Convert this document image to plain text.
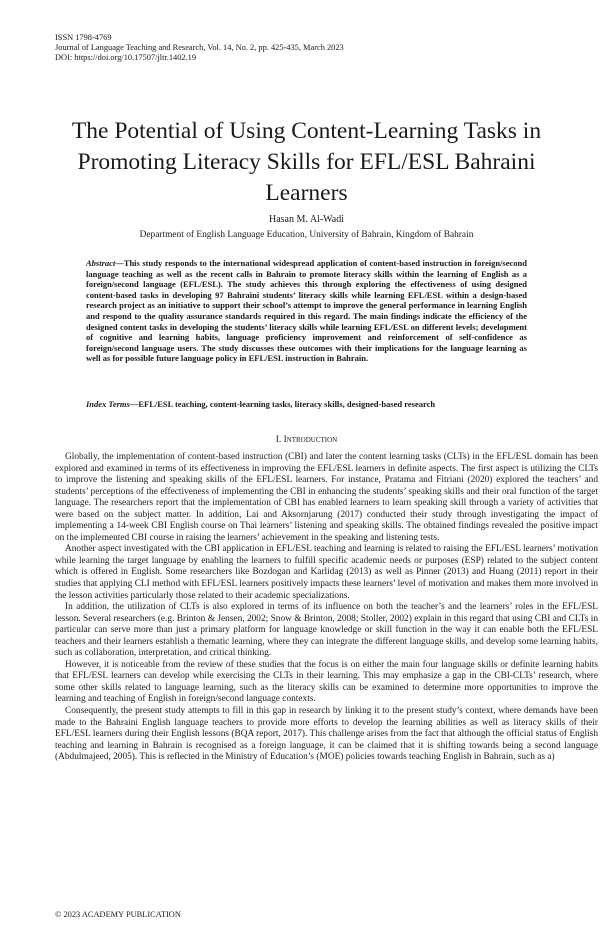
ISSN 1798-4769
Journal of Language Teaching and Research, Vol. 14, No. 2, pp. 425-435, March 2023
DOI: https://doi.org/10.17507/jltr.1402.19
The Potential of Using Content-Learning Tasks in Promoting Literacy Skills for EFL/ESL Bahraini Learners
Hasan M. Al-Wadi
Department of English Language Education, University of Bahrain, Kingdom of Bahrain
Abstract—This study responds to the international widespread application of content-based instruction in foreign/second language teaching as well as the recent calls in Bahrain to promote literacy skills within the learning of English as a foreign/second language (EFL/ESL). The study achieves this through exploring the effectiveness of using designed content-based tasks in developing 97 Bahraini students’ literacy skills while learning EFL/ESL within a design-based research project as an initiative to support their school’s attempt to improve the general performance in learning English and respond to the quality assurance standards required in this regard. The main findings indicate the efficiency of the designed content tasks in developing the students’ literacy skills while learning EFL/ESL on different levels; development of cognitive and learning habits, language proficiency improvement and reinforcement of self-confidence as foreign/second language users. The study discusses these outcomes with their implications for the language learning as well as for possible future language policy in EFL/ESL instruction in Bahrain.
Index Terms—EFL/ESL teaching, content-learning tasks, literacy skills, designed-based research
I. Introduction

Globally, the implementation of content-based instruction (CBI) and later the content learning tasks (CLTs) in the EFL/ESL domain has been explored and examined in terms of its effectiveness in improving the EFL/ESL learners in definite aspects. The first aspect is utilizing the CLTs to improve the listening and speaking skills of the EFL/ESL learners. For instance, Pratama and Fitriani (2020) explored the teachers’ and students’ perceptions of the effectiveness of implementing the CBI in enhancing the students’ speaking skills and their oral function of the target language. The researchers report that the implementation of CBI has enabled learners to learn speaking skill through a variety of activities that were based on the subject matter. In addition, Lai and Aksornjarung (2017) conducted their study through investigating the impact of implementing a 14-week CBI English course on Thai learners’ listening and speaking skills. The obtained findings revealed the positive impact on the implemented CBI course in raising the learners’ achievement in the speaking and listening tests.

Another aspect investigated with the CBI application in EFL/ESL teaching and learning is related to raising the EFL/ESL learners’ motivation while learning the target language by enabling the learners to fulfill specific academic needs or purposes (ESP) related to the subject content which is offered in English. Some researchers like Bozdogan and Karlidag (2013) as well as Pinner (2013) and Huang (2011) report in their studies that applying CLI method with EFL/ESL learners positively impacts these learners’ level of motivation and makes them more involved in the lesson activities particularly those related to their academic specializations.

In addition, the utilization of CLTs is also explored in terms of its influence on both the teacher’s and the learners’ roles in the EFL/ESL lesson. Several researchers (e.g. Brinton & Jensen, 2002; Snow & Brinton, 2008; Stoller, 2002) explain in this regard that using CBI and CLTs in particular can serve more than just a primary platform for language knowledge or skill function in the way it can enable both the EFL/ESL teachers and their learners establish a thematic learning, where they can integrate the different language skills, and develop some learning habits, such as collaboration, interpretation, and critical thinking.

However, it is noticeable from the review of these studies that the focus is on either the main four language skills or definite learning habits that EFL/ESL learners can develop while exercising the CLTs in their learning. This may emphasize a gap in the CBI-CLTs’ research, where some other skills related to language learning, such as the literacy skills can be examined to determine more opportunities to improve the learning and teaching of English in foreign/second language contexts.

Consequently, the present study attempts to fill in this gap in research by linking it to the present study’s context, where demands have been made to the Bahraini English language teachers to provide more efforts to develop the learning abilities as well as literacy skills of their EFL/ESL learners during their English lessons (BQA report, 2017). This challenge arises from the fact that although the official status of English teaching and learning in Bahrain is recognised as a foreign language, it can be claimed that it is shifting towards being a second language (Abdulmajeed, 2005). This is reflected in the Ministry of Education’s (MOE) policies towards teaching English in Bahrain, such as a)

© 2023 ACADEMY PUBLICATION
